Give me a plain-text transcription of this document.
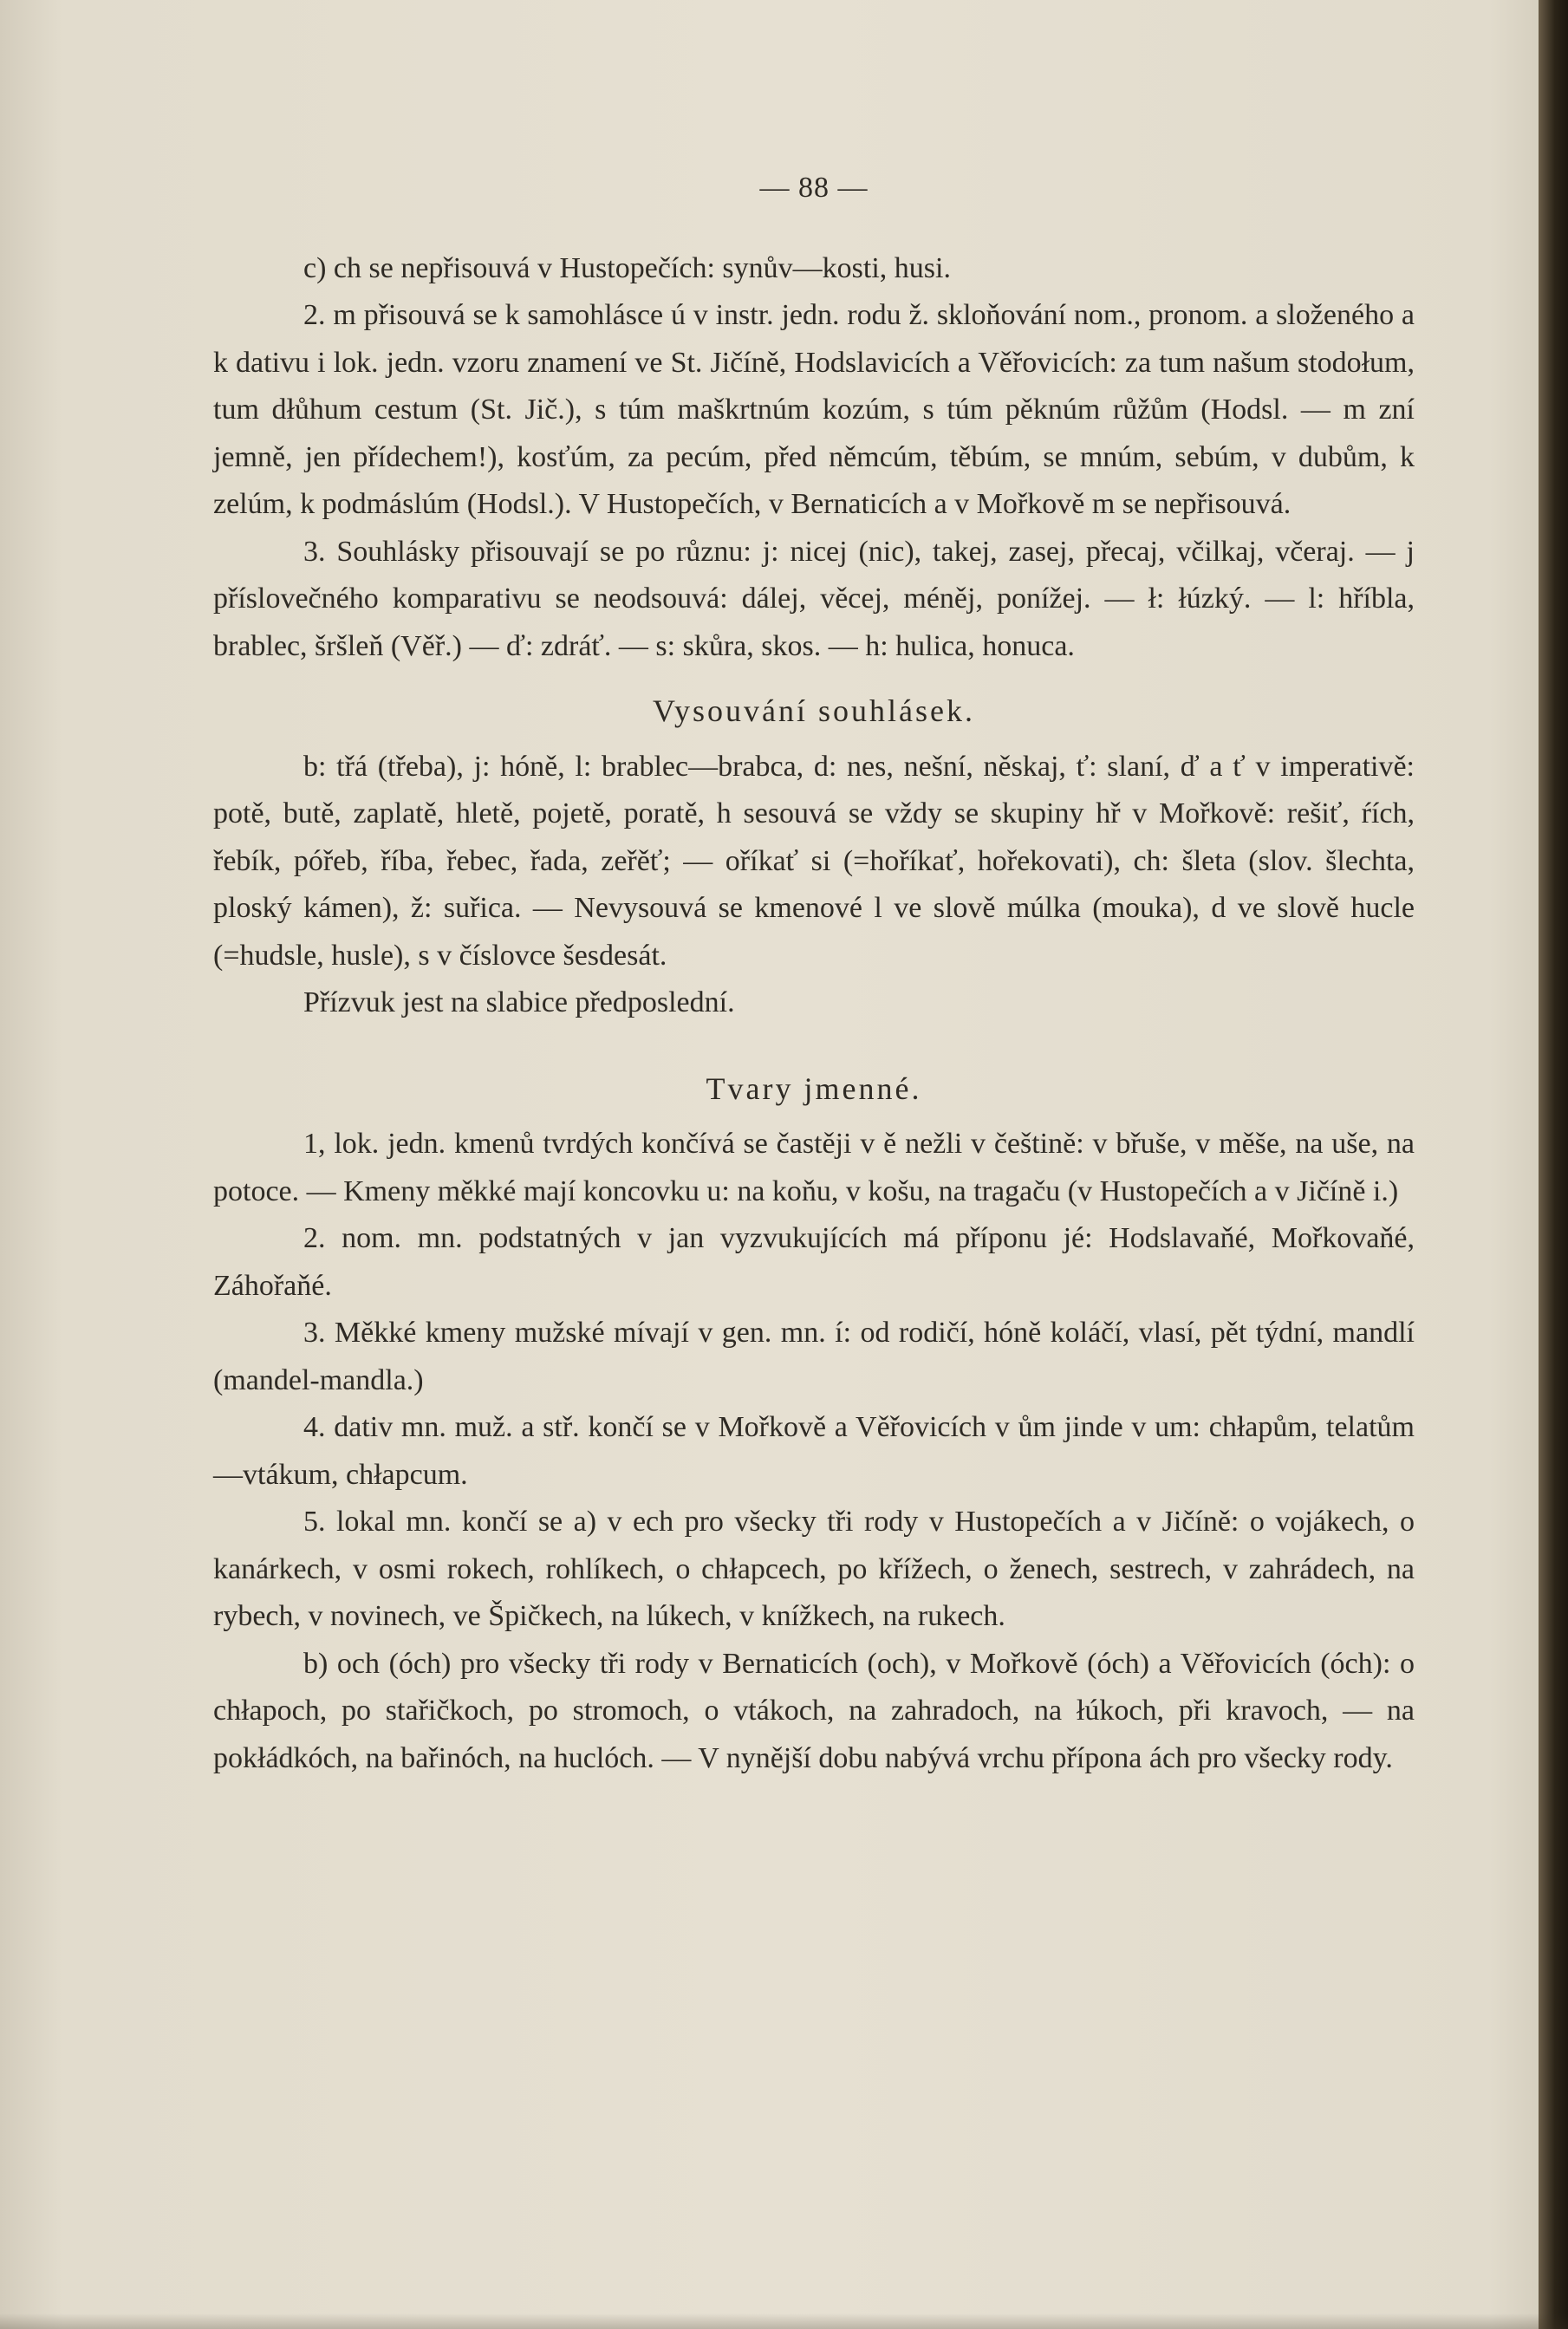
— 88 —

c) ch se nepřisouvá v Hustopečích: synův—kosti, husi.

2. m přisouvá se k samohlásce ú v instr. jedn. rodu ž. skloňování nom., pronom. a složeného a k dativu i lok. jedn. vzoru znamení ve St. Jičíně, Hodslavicích a Věřovicích: za tum našum stodołum, tum dłůhum cestum (St. Jič.), s túm maškrtnúm kozúm, s túm pěknúm růžům (Hodsl. — m zní jemně, jen přídechem!), kosťúm, za pecúm, před němcúm, těbúm, se mnúm, sebúm, v dubům, k zelúm, k podmáslúm (Hodsl.). V Hustopečích, v Bernaticích a v Mořkově m se nepřisouvá.

3. Souhlásky přisouvají se po různu: j: nicej (nic), takej, zasej, přecaj, včilkaj, včeraj. — j příslovečného komparativu se neodsouvá: dálej, věcej, méněj, ponížej. — ł: łúzký. — l: hříbla, brablec, šršleň (Věř.) — ď: zdráť. — s: skůra, skos. — h: hulica, honuca.

Vysouvání souhlásek.

b: třá (třeba), j: hóně, l: brablec—brabca, d: nes, nešní, něskaj, ť: slaní, ď a ť v imperativě: potě, butě, zaplatě, hletě, pojetě, poratě, h sesouvá se vždy se skupiny hř v Mořkově: rešiť, ŕích, řebík, póřeb, říba, řebec, řada, zeřěť; — oříkať si (=hoříkať, hořekovati), ch: šleta (slov. šlechta, ploský kámen), ž: suřica. — Nevysouvá se kmenové l ve slově múlka (mouka), d ve slově hucle (=hudsle, husle), s v číslovce šesdesát.

Přízvuk jest na slabice předposlední.

Tvary jmenné.

1, lok. jedn. kmenů tvrdých končívá se častěji v ě nežli v češtině: v břuše, v měše, na uše, na potoce. — Kmeny měkké mají koncovku u: na koňu, v košu, na tragaču (v Hustopečích a v Jičíně i.)

2. nom. mn. podstatných v jan vyzvukujících má příponu jé: Hodslavaňé, Mořkovaňé, Záhořaňé.

3. Měkké kmeny mužské mívají v gen. mn. í: od rodičí, hóně koláčí, vlasí, pět týdní, mandlí (mandel-mandla.)

4. dativ mn. muž. a stř. končí se v Mořkově a Věřovicích v ům jinde v um: chłapům, telatům—vtákum, chłapcum.

5. lokal mn. končí se a) v ech pro všecky tři rody v Hustopečích a v Jičíně: o vojákech, o kanárkech, v osmi rokech, rohlíkech, o chłapcech, po křížech, o ženech, sestrech, v zahrádech, na rybech, v novinech, ve Špičkech, na lúkech, v knížkech, na rukech.

b) och (óch) pro všecky tři rody v Bernaticích (och), v Mořkově (óch) a Věřovicích (óch): o chłapoch, po stařičkoch, po stromoch, o vtákoch, na zahradoch, na łúkoch, při kravoch, — na pokłádkóch, na bařinóch, na huclóch. — V nynější dobu nabývá vrchu přípona ách pro všecky rody.
